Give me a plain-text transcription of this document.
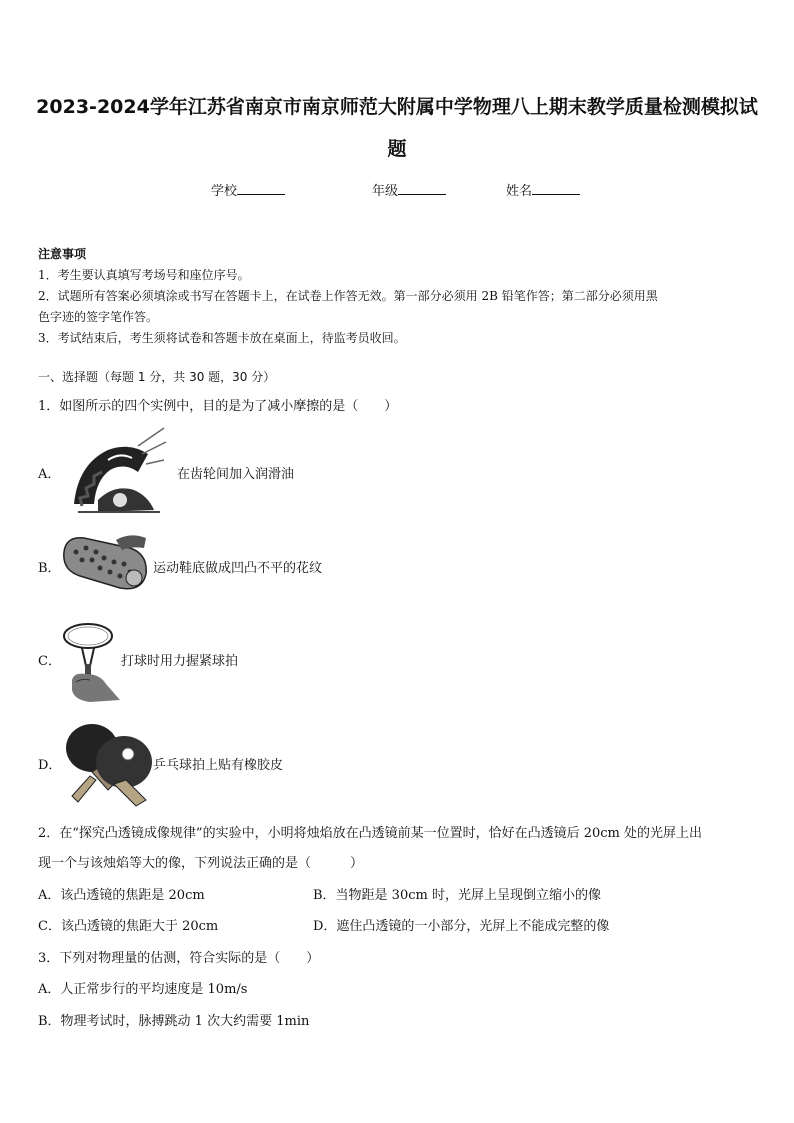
2023-2024学年江苏省南京市南京师范大附属中学物理八上期末教学质量检测模拟试
题
学校	年级	姓名
注意事项
1．考生要认真填写考场号和座位序号。
2．试题所有答案必须填涂或书写在答题卡上，在试卷上作答无效。第一部分必须用 2B 铅笔作答；第二部分必须用黑
色字迹的签字笔作答。
3．考试结束后，考生须将试卷和答题卡放在桌面上，待监考员收回。
一、选择题（每题 1 分，共 30 题，30 分）
1．如图所示的四个实例中，目的是为了减小摩擦的是（　　）
A．	在齿轮间加入润滑油
B．	运动鞋底做成凹凸不平的花纹
C．	打球时用力握紧球拍
D．	乒乓球拍上贴有橡胶皮
2．在“探究凸透镜成像规律”的实验中，小明将烛焰放在凸透镜前某一位置时，恰好在凸透镜后 20cm 处的光屏上出
现一个与该烛焰等大的像，下列说法正确的是（　　　）
A．该凸透镜的焦距是 20cm	B．当物距是 30cm 时，光屏上呈现倒立缩小的像
C．该凸透镜的焦距大于 20cm	D．遮住凸透镜的一小部分，光屏上不能成完整的像
3．下列对物理量的估测，符合实际的是（　　）
A．人正常步行的平均速度是 10m/s
B．物理考试时，脉搏跳动 1 次大约需要 1min
